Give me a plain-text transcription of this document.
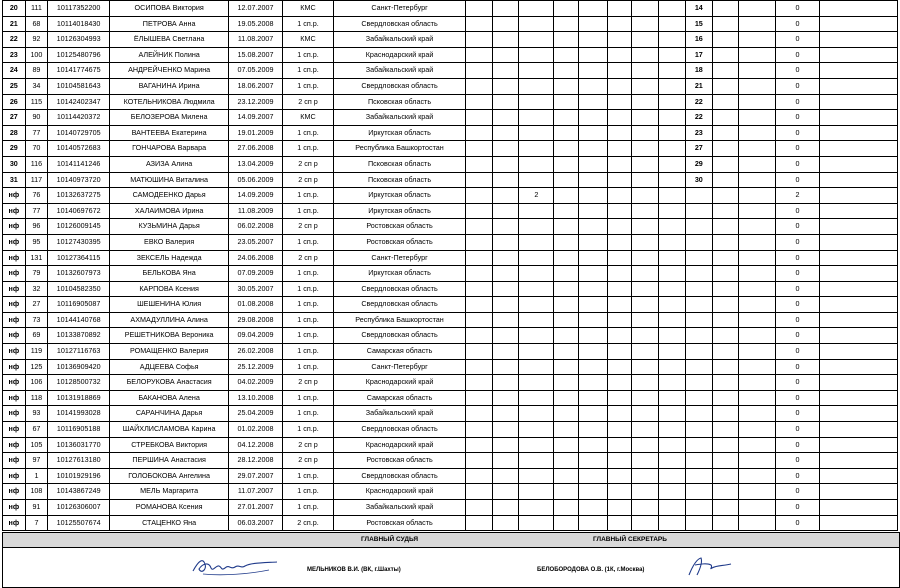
20	111	10117352200	ОСИПОВА Виктория	12.07.2007	КМС	Санкт-Петербург									14			0	
21	68	10114018430	ПЕТРОВА Анна	19.05.2008	1 сп.р.	Свердловская область									15			0	
22	92	10126304993	ЁЛЫШЕВА Светлана	11.08.2007	КМС	Забайкальский край									16			0	
23	100	10125480796	АЛЕЙНИК Полина	15.08.2007	1 сп.р.	Краснодарский край									17			0	
24	89	10141774675	АНДРЕЙЧЕНКО Марина	07.05.2009	1 сп.р.	Забайкальский край									18			0	
25	34	10104581643	ВАГАНИНА Ирина	18.06.2007	1 сп.р.	Свердловская область									21			0	
26	115	10142402347	КОТЕЛЬНИКОВА Людмила	23.12.2009	2 сп р	Псковская область									22			0	
27	90	10114420372	БЕЛОЗЕРОВА Милена	14.09.2007	КМС	Забайкальский край									22			0	
28	77	10140729705	ВАНТЕЕВА Екатерина	19.01.2009	1 сп.р.	Иркутская область									23			0	
29	70	10140572683	ГОНЧАРОВА Варвара	27.06.2008	1 сп.р.	Республика Башкортостан									27			0	
30	116	10141141246	АЗИЗА Алина	13.04.2009	2 сп р	Псковская область									29			0	
31	117	10140973720	МАТЮШИНА Виталина	05.06.2009	2 сп р	Псковская область									30			0	
нф	76	10132637275	САМОДЕЕНКО Дарья	14.09.2009	1 сп.р.	Иркутская область			2									2	
нф	77	10140697672	ХАЛАИМОВА Ирина	11.08.2009	1 сп.р.	Иркутская область												0	
нф	96	10126009145	КУЗЬМИНА Дарья	06.02.2008	2 сп р	Ростовская область												0	
нф	95	10127430395	ЕВКО Валерия	23.05.2007	1 сп.р.	Ростовская область												0	
нф	131	10127364115	ЗЕКСЕЛЬ Надежда	24.06.2008	2 сп р	Санкт-Петербург												0	
нф	79	10132607973	БЕЛЬКОВА Яна	07.09.2009	1 сп.р.	Иркутская область												0	
нф	32	10104582350	КАРПОВА Ксения	30.05.2007	1 сп.р.	Свердловская область												0	
нф	27	10116905087	ШЕШЕНИНА Юлия	01.08.2008	1 сп.р.	Свердловская область												0	
нф	73	10144140768	АХМАДУЛЛИНА Алина	29.08.2008	1 сп.р.	Республика Башкортостан												0	
нф	69	10133870892	РЕШЕТНИКОВА Вероника	09.04.2009	1 сп.р.	Свердловская область												0	
нф	119	10127116763	РОМАЩЕНКО Валерия	26.02.2008	1 сп.р.	Самарская область												0	
нф	125	10136909420	АДЦЕЕВА Софья	25.12.2009	1 сп.р.	Санкт-Петербург												0	
нф	106	10128500732	БЕЛОРУКОВА Анастасия	04.02.2009	2 сп р	Краснодарский край												0	
нф	118	10131918869	БАКАНОВА Алена	13.10.2008	1 сп.р.	Самарская область												0	
нф	93	10141993028	САРАНЧИНА Дарья	25.04.2009	1 сп.р.	Забайкальский край												0	
нф	67	10116905188	ШАЙХЛИСЛАМОВА Карина	01.02.2008	1 сп.р.	Свердловская область												0	
нф	105	10136031770	СТРЕБКОВА Виктория	04.12.2008	2 сп р	Краснодарский край												0	
нф	97	10127613180	ПЕРШИНА Анастасия	28.12.2008	2 сп р	Ростовская область												0	
нф	1	10101929196	ГОЛОБОКОВА Ангелина	29.07.2007	1 сп.р.	Свердловская область												0	
нф	108	10143867249	МЕЛЬ Маргарита	11.07.2007	1 сп.р.	Краснодарский край												0	
нф	91	10126306007	РОМАНОВА Ксения	27.01.2007	1 сп.р.	Забайкальский край												0	
нф	7	10125507674	СТАЦЕНКО Яна	06.03.2007	2 сп.р.	Ростовская область												0	
ГЛАВНЫЙ СУДЬЯ	ГЛАВНЫЙ СЕКРЕТАРЬ
МЕЛЬНИКОВ В.И. (ВК, г.Шахты)	БЕЛОБОРОДОВА О.В. (1К, г.Москва)
